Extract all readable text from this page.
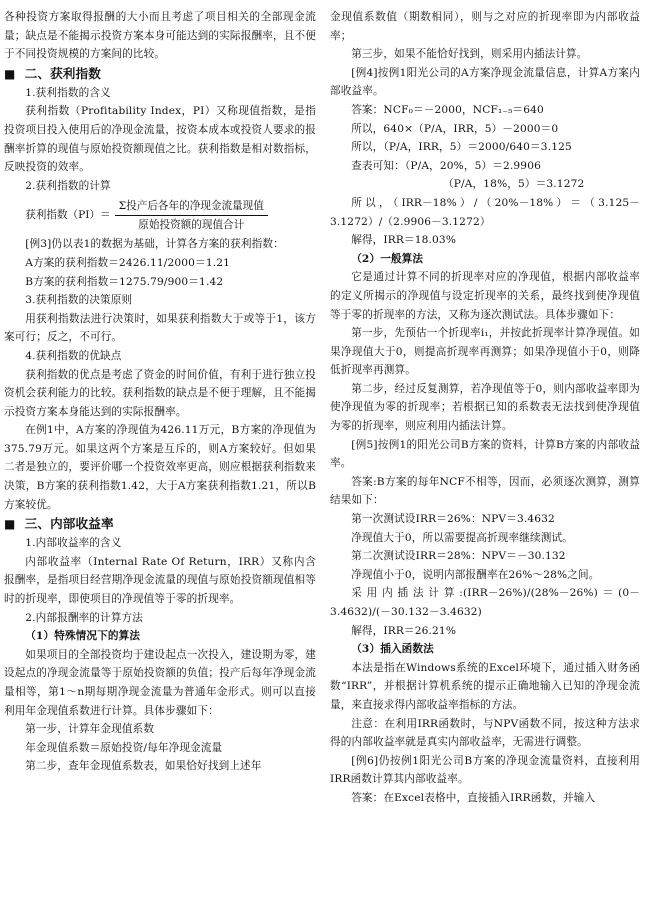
各种投资方案取得报酬的大小而且考虑了项目相关的全部现金流量；缺点是不能揭示投资方案本身可能达到的实际报酬率，且不便于不同投资规模的方案间的比较。

■ 二、获利指数

1.获利指数的含义

获利指数（Profitability Index，PI）又称现值指数，是指投资项目投入使用后的净现金流量，按资本成本或投资人要求的报酬率折算的现值与原始投资额现值之比。获利指数是相对数指标，反映投资的效率。

2.获利指数的计算

获利指数$(PI)= \frac{\text{Σ投产后各年的净现金流量现值}}{\text{原始投资额的现值合计}}$

[例3]仍以表1的数据为基础，计算各方案的获利指数：

A方案的获利指数＝2426.11/2000＝1.21

B方案的获利指数＝1275.79/900＝1.42

3.获利指数的决策原则

用获利指数法进行决策时，如果获利指数大于或等于1，该方案可行；反之，不可行。

4.获利指数的优缺点

获利指数的优点是考虑了资金的时间价值，有利于进行独立投资机会获利能力的比较。获利指数的缺点是不便于理解，且不能揭示投资方案本身能达到的实际报酬率。

在例1中，A方案的净现值为426.11万元，B方案的净现值为375.79万元。如果这两个方案是互斥的，则A方案较好。但如果二者是独立的，要评价哪一个投资效率更高，则应根据获利指数来决策，B方案的获利指数1.42，大于A方案获利指数1.21，所以B方案较优。

■ 三、内部收益率

1.内部收益率的含义

内部收益率（Internal Rate Of Return，IRR）又称内含报酬率，是指项目经营期净现金流量的现值与原始投资额现值相等时的折现率，即使项目的净现值等于零的折现率。

2.内部报酬率的计算方法

（1）特殊情况下的算法

如果项目的全部投资均于建设起点一次投入，建设期为零，建设起点的净现金流量等于原始投资额的负值；投产后每年净现金流量相等，第1～n期每期净现金流量为普通年金形式。则可以直接利用年金现值系数进行计算。具体步骤如下：

第一步，计算年金现值系数

年金现值系数＝原始投资/每年净现金流量

第二步，查年金现值系数表，如果恰好找到上述年

金现值系数值（期数相同），则与之对应的折现率即为内部收益率；

第三步，如果不能恰好找到，则采用内插法计算。

[例4]按例1阳光公司的A方案净现金流量信息，计算A方案内部收益率。

答案：NCF₀＝－2000，NCF₁₋₅＝640

所以，640×（P/A，IRR，5）－2000＝0

所以，（P/A，IRR，5）＝2000/640＝3.125

查表可知：（P/A，20%，5）＝2.9906

（P/A，18%，5）＝3.1272

所以，（IRR－18%）/（20%－18%）＝（3.125－3.1272）/（2.9906－3.1272）

解得，IRR＝18.03%

（2）一般算法

它是通过计算不同的折现率对应的净现值，根据内部收益率的定义所揭示的净现值与设定折现率的关系，最终找到使净现值等于零的折现率的方法，又称为逐次测试法。具体步骤如下：

第一步，先预估一个折现率i₁，并按此折现率计算净现值。如果净现值大于0，则提高折现率再测算；如果净现值小于0，则降低折现率再测算。

第二步，经过反复测算，若净现值等于0，则内部收益率即为使净现值为零的折现率；若根据已知的系数表无法找到使净现值为零的折现率，则应利用内插法计算。

[例5]按例1的阳光公司B方案的资料，计算B方案的内部收益率。

答案:B方案的每年NCF不相等，因而，必须逐次测算，测算结果如下：

第一次测试设IRR＝26%：NPV＝3.4632

净现值大于0，所以需要提高折现率继续测试。

第二次测试设IRR＝28%：NPV＝－30.132

净现值小于0，说明内部报酬率在26%～28%之间。

采用内插法计算:(IRR－26%)/(28%－26%)＝(0－3.4632)/(－30.132－3.4632)

解得，IRR＝26.21%

（3）插入函数法

本法是指在Windows系统的Excel环境下，通过插入财务函数“IRR”，并根据计算机系统的提示正确地输入已知的净现金流量，来直接求得内部收益率指标的方法。

注意：在利用IRR函数时，与NPV函数不同，按这种方法求得的内部收益率就是真实内部收益率，无需进行调整。

[例6]仍按例1阳光公司B方案的净现金流量资料，直接利用IRR函数计算其内部收益率。

答案：在Excel表格中，直接插入IRR函数，并输入
